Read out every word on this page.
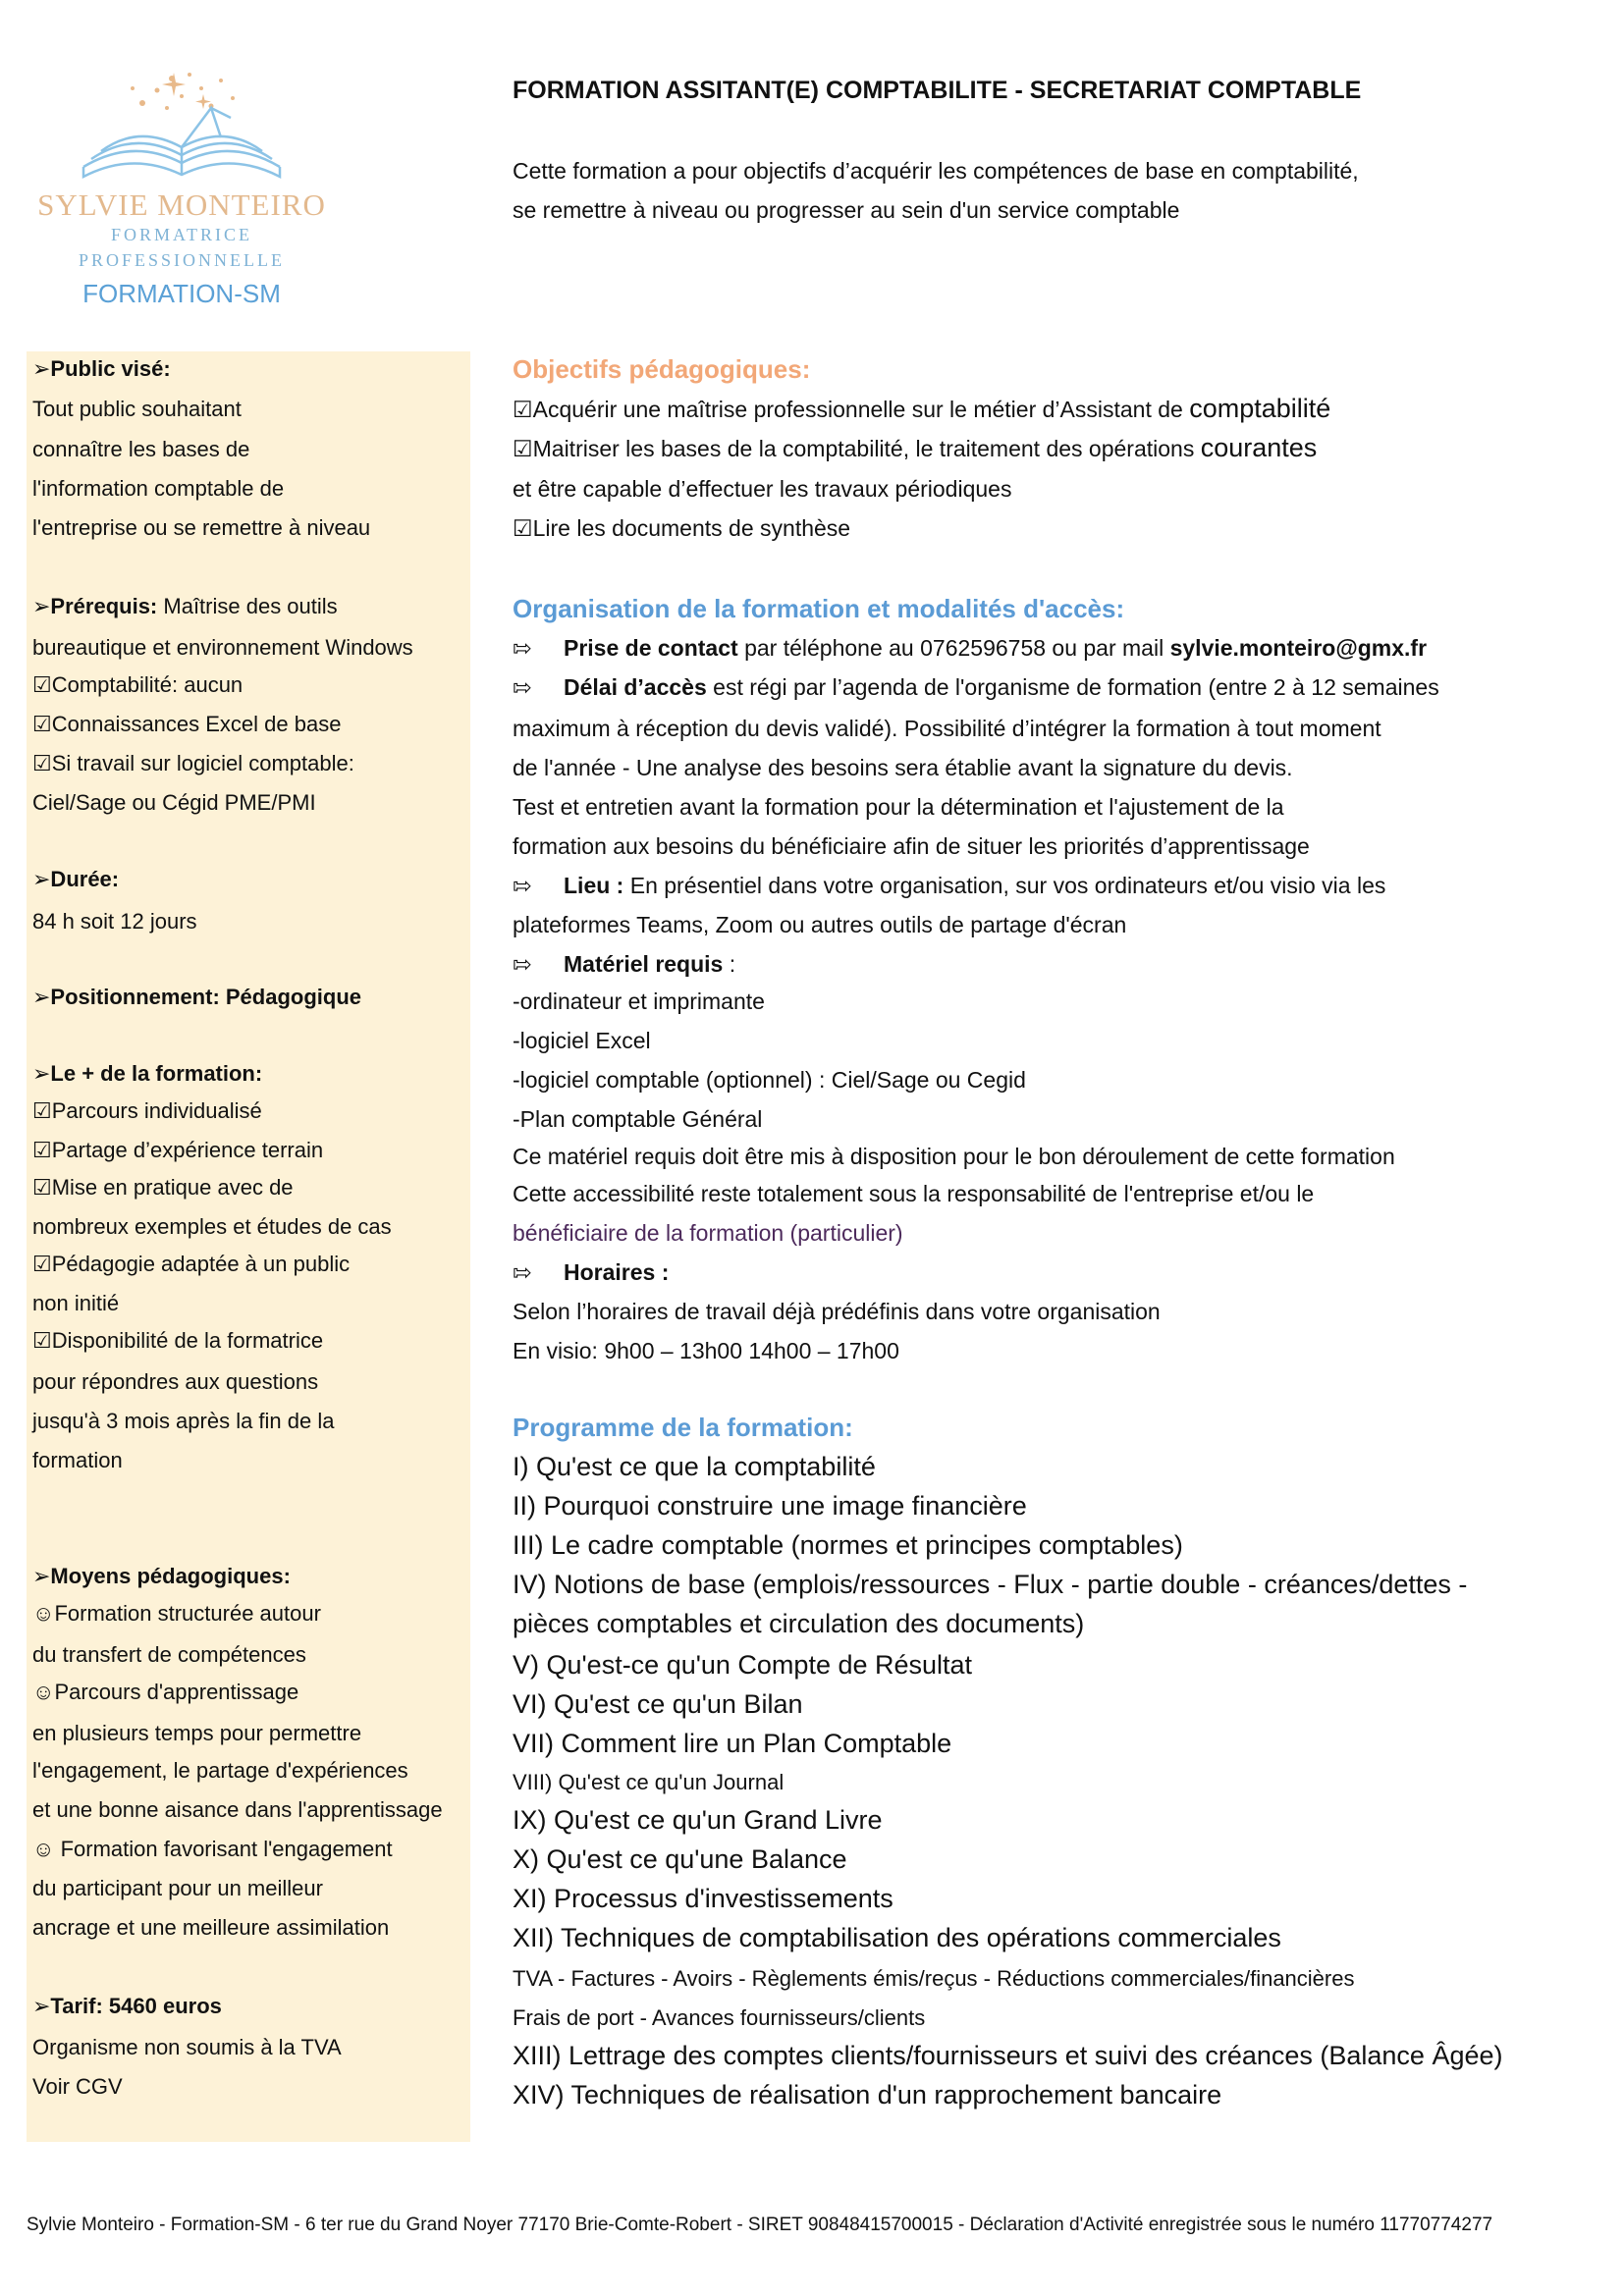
SYLVIE MONTEIRO
FORMATRICE
PROFESSIONNELLE
FORMATION-SM
FORMATION ASSITANT(E) COMPTABILITE - SECRETARIAT COMPTABLE
Cette formation a pour objectifs d’acquérir les compétences de base en comptabilité,
se remettre à niveau ou progresser au sein d'un service comptable
➢Public visé:
Tout public souhaitant
connaître les bases de
l'information comptable de
l'entreprise ou se remettre à niveau
➢Prérequis: Maîtrise des outils
bureautique et environnement Windows
☑Comptabilité: aucun
☑Connaissances Excel de base
☑Si travail sur logiciel comptable:
Ciel/Sage ou Cégid PME/PMI
➢Durée:
84 h soit 12 jours
➢Positionnement: Pédagogique
➢Le + de la formation:
☑Parcours individualisé
☑Partage d’expérience terrain
☑Mise en pratique avec de
nombreux exemples et études de cas
☑Pédagogie adaptée à un public
non initié
☑Disponibilité de la formatrice
pour répondres aux questions
jusqu'à 3 mois après la fin de la
formation
➢Moyens pédagogiques:
☺Formation structurée autour
du transfert de compétences
☺Parcours d'apprentissage
en plusieurs temps pour permettre
l'engagement, le partage d'expériences
et une bonne aisance dans l'apprentissage
☺ Formation favorisant l'engagement
du participant pour un meilleur
ancrage et une meilleure assimilation
➢Tarif: 5460 euros
Organisme non soumis à la TVA
Voir CGV
Objectifs pédagogiques:
☑Acquérir une maîtrise professionnelle sur le métier d’Assistant de comptabilité
☑Maitriser les bases de la comptabilité, le traitement des opérations courantes
et être capable d’effectuer les travaux périodiques
☑Lire les documents de synthèse
Organisation de la formation et modalités d'accès:
⇰ Prise de contact par téléphone au 0762596758 ou par mail sylvie.monteiro@gmx.fr
⇰ Délai d’accès est régi par l’agenda de l'organisme de formation (entre 2 à 12 semaines
maximum à réception du devis validé). Possibilité d’intégrer la formation à tout moment
de l'année - Une analyse des besoins sera établie avant la signature du devis.
Test et entretien avant la formation pour la détermination et l'ajustement de la
formation aux besoins du bénéficiaire afin de situer les priorités d’apprentissage
⇰ Lieu : En présentiel dans votre organisation, sur vos ordinateurs et/ou visio via les
plateformes Teams, Zoom ou autres outils de partage d'écran
⇰ Matériel requis :
-ordinateur et imprimante
-logiciel Excel
-logiciel comptable (optionnel) : Ciel/Sage ou Cegid
-Plan comptable Général
Ce matériel requis doit être mis à disposition pour le bon déroulement de cette formation
Cette accessibilité reste totalement sous la responsabilité de l'entreprise et/ou le
bénéficiaire de la formation (particulier)
⇰ Horaires :
Selon l’horaires de travail déjà prédéfinis dans votre organisation
En visio: 9h00 – 13h00 14h00 – 17h00
Programme de la formation:
I) Qu'est ce que la comptabilité
II) Pourquoi construire une image financière
III) Le cadre comptable (normes et principes comptables)
IV) Notions de base (emplois/ressources - Flux - partie double - créances/dettes -
pièces comptables et circulation des documents)
V) Qu'est-ce qu'un Compte de Résultat
VI) Qu'est ce qu'un Bilan
VII) Comment lire un Plan Comptable
VIII) Qu'est ce qu'un Journal
IX) Qu'est ce qu'un Grand Livre
X) Qu'est ce qu'une Balance
XI) Processus d'investissements
XII) Techniques de comptabilisation des opérations commerciales
TVA - Factures - Avoirs - Règlements émis/reçus - Réductions commerciales/financières
Frais de port - Avances fournisseurs/clients
XIII) Lettrage des comptes clients/fournisseurs et suivi des créances (Balance Âgée)
XIV) Techniques de réalisation d'un rapprochement bancaire
Sylvie Monteiro - Formation-SM - 6 ter rue du Grand Noyer 77170 Brie-Comte-Robert - SIRET 90848415700015 - Déclaration d'Activité enregistrée sous le numéro 11770774277
